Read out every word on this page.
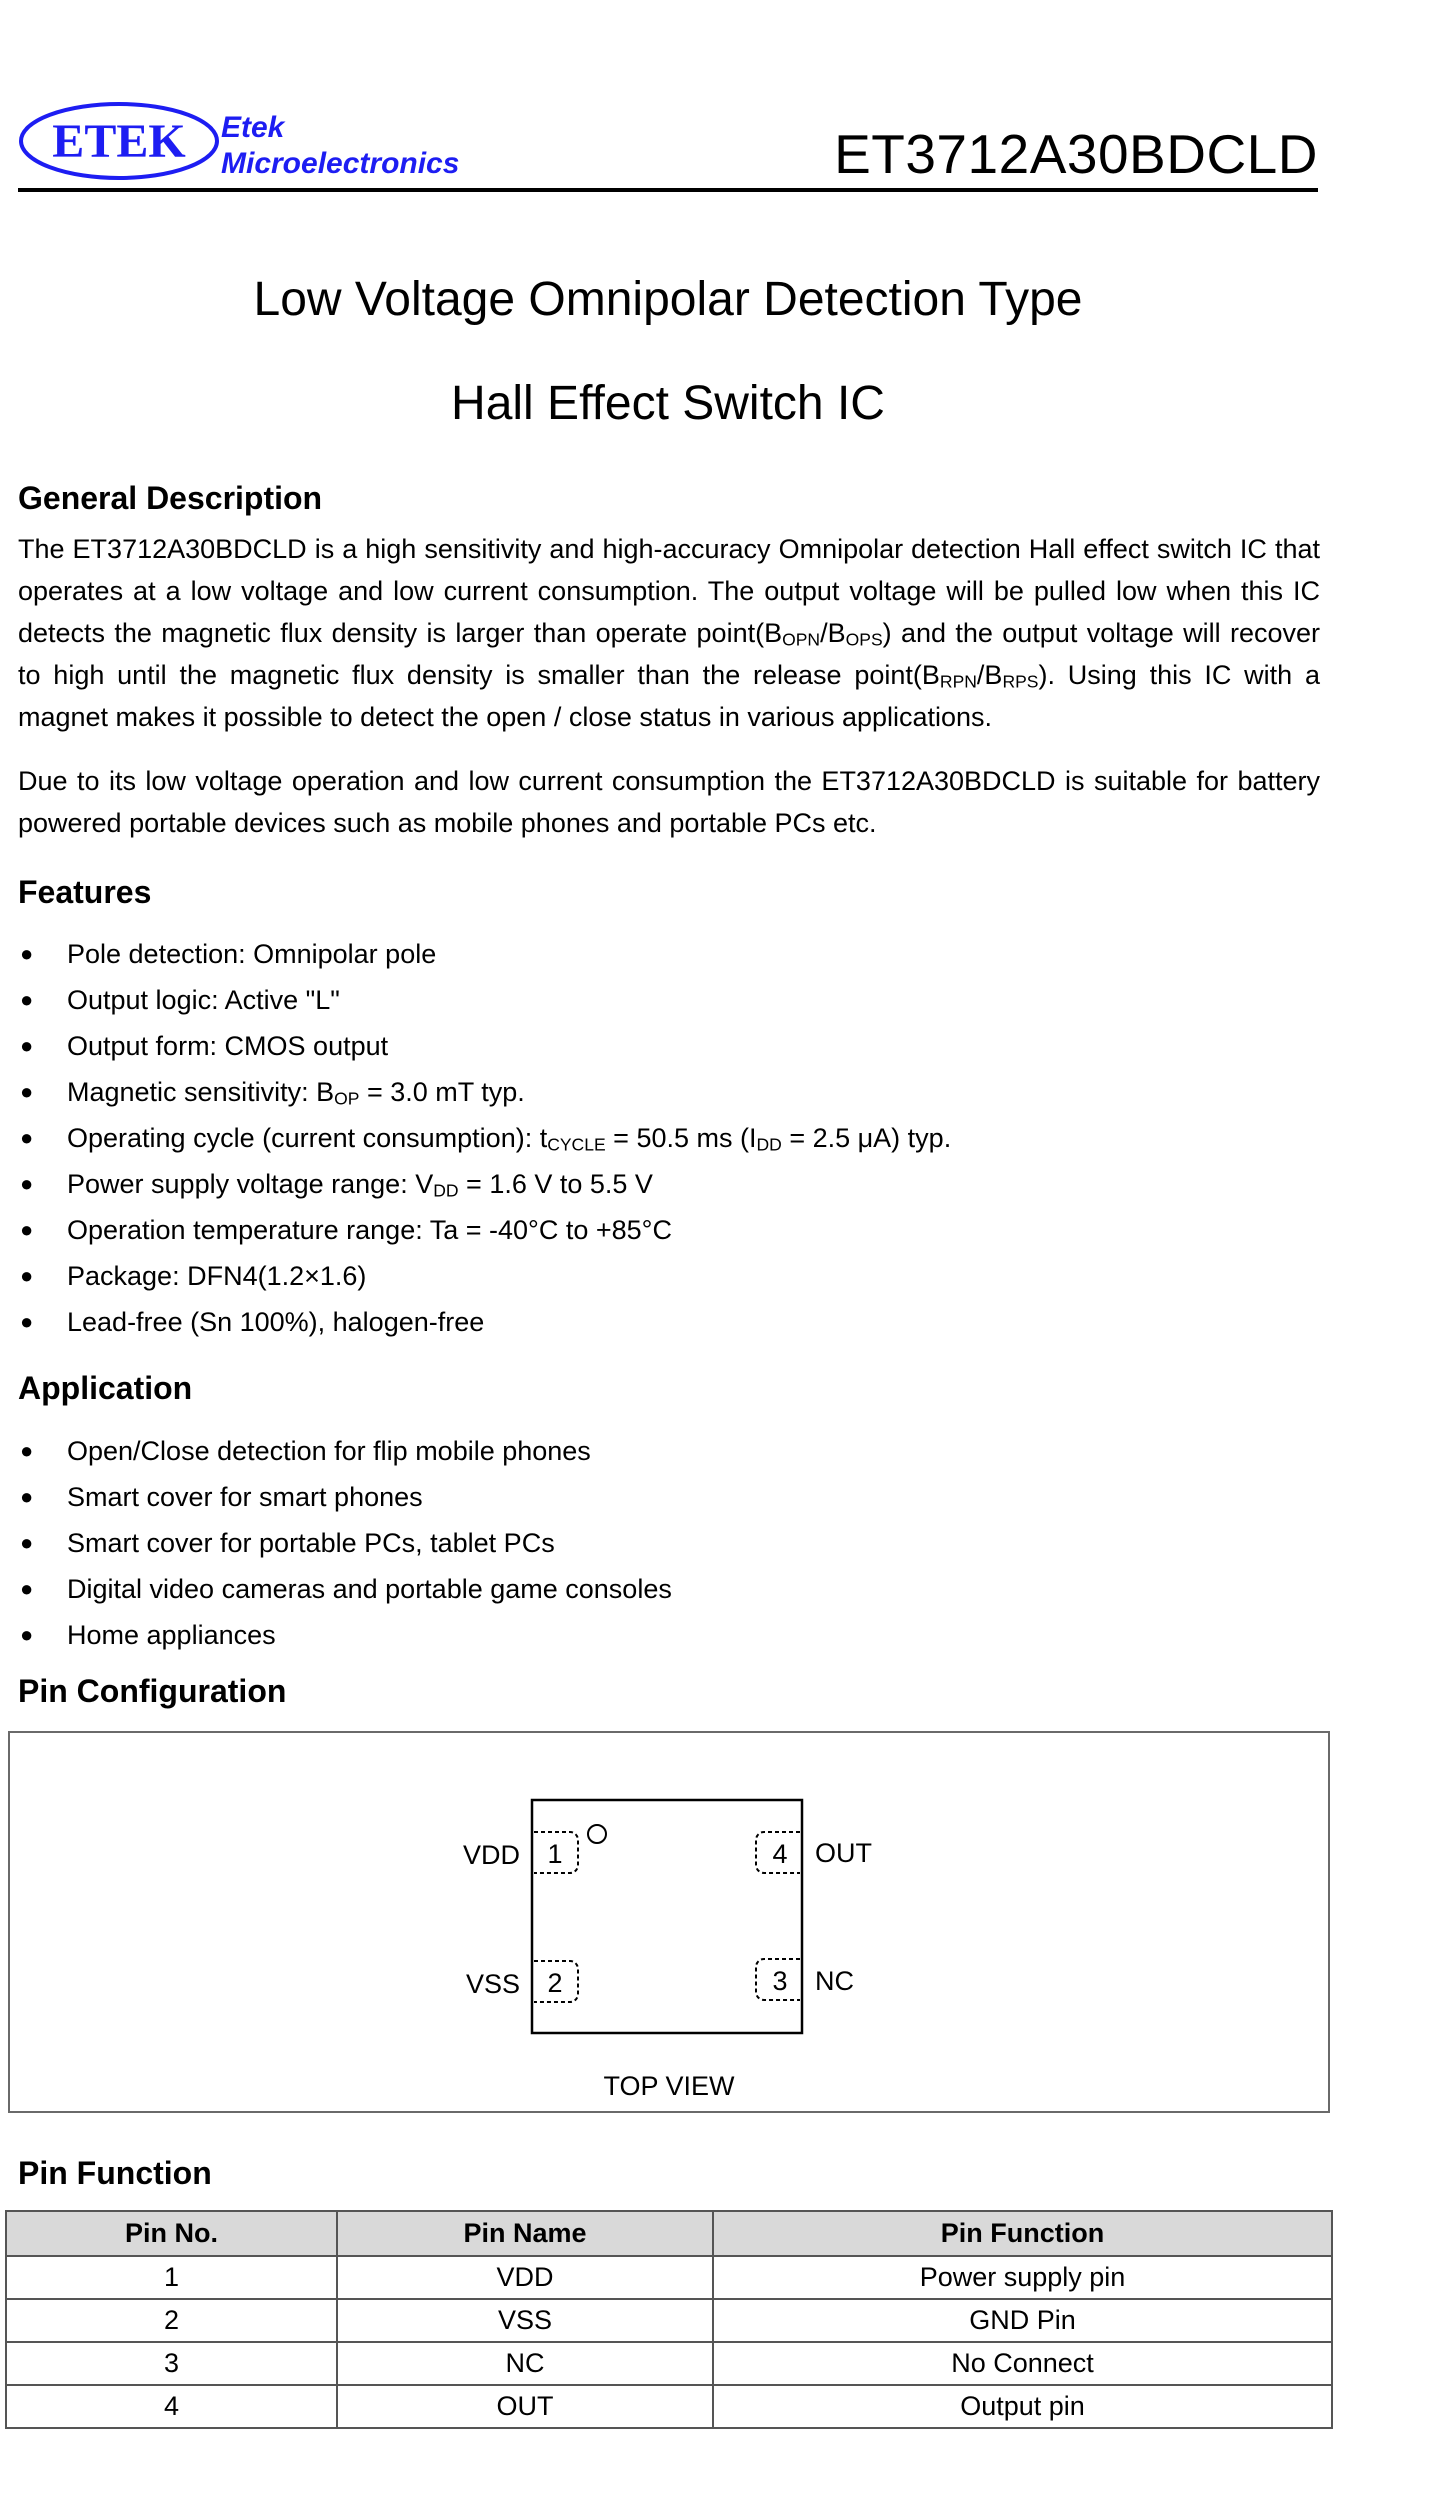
ETEK Etek
Microelectronics	ET3712A30BDCLD
Low Voltage Omnipolar Detection Type
Hall Effect Switch IC
General Description
The ET3712A30BDCLD is a high sensitivity and high-accuracy Omnipolar detection Hall effect switch IC that operates at a low voltage and low current consumption. The output voltage will be pulled low when this IC detects the magnetic flux density is larger than operate $point(B_{OPN}/B_{OPS})$ and the output voltage will recover to high until the magnetic flux density is smaller than the release $point(B_{RPN}/B_{RPS})$. Using this IC with a magnet makes it possible to detect the open / close status in various applications.
Due to its low voltage operation and low current consumption the ET3712A30BDCLD is suitable for battery powered portable devices such as mobile phones and portable PCs etc.
Features
● Pole detection: Omnipolar pole
● Output logic: Active "L"
● Output form: CMOS output
● Magnetic sensitivity: $B_{OP} = 3.0$ mT typ.
● Operating cycle (current consumption): $t_{CYCLE} = 50.5$ ms ($I_{DD} = 2.5$ μA) typ.
● Power supply voltage range: $V_{DD} = 1.6$ V to 5.5 V
● Operation temperature range: Ta = -40°C to +85°C
● Package: DFN4(1.2×1.6)
● Lead-free (Sn 100%), halogen-free
Application
● Open/Close detection for flip mobile phones
● Smart cover for smart phones
● Smart cover for portable PCs, tablet PCs
● Digital video cameras and portable game consoles
● Home appliances
Pin Configuration
1
2
4
3
VDD
VSS
OUT
NC
TOP VIEW
Pin Function
Pin No.	Pin Name	Pin Function
1	VDD	Power supply pin
2	VSS	GND Pin
3	NC	No Connect
4	OUT	Output pin
